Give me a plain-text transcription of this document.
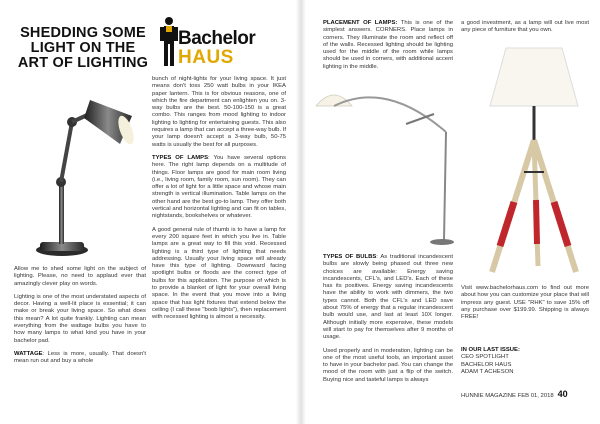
SHEDDING SOME
LIGHT ON THE
ART OF LIGHTING
Bachelor
HAUS

Allow me to shed some light on the subject of lighting. Please, no need to applaud ever that amazingly clever play on words.

Lighting is one of the most understated aspects of decor. Having a well-lit place is essential; it can make or break your living space. So what does this mean? A lot quite frankly. Lighting can mean everything from the wattage bulbs you have to how many lamps to what kind you have in your bachelor pad.

WATTAGE: Less is more, usually. That doesn't mean run out and buy a whole

bunch of night-lights for your living space. It just means don't toss 250 watt bulbs in your IKEA paper lantern. This is for obvious reasons, one of which the fire department can enlighten you on. 3-way bulbs are the best. 50-100-150 is a great combo. This ranges from mood lighting to indoor lighting to lighting for entertaining guests. This also requires a lamp that can accept a three-way bulb. If your lamp doesn't accept a 3-way bulb, 50-75 watts is usually the best for all purposes.

TYPES OF LAMPS: You have several options here. The right lamp depends on a multitude of things. Floor lamps are good for main room living (i.e., living room, family room, sun room). They can offer a lot of light for a little space and whose main strength is vertical illumination. Table lamps on the other hand are the best go-to lamp. They offer both vertical and horizontal lighting and can fit on tables, nightstands, bookshelves or whatever.

A good general rule of thumb is to have a lamp for every 200 square feet in which you live in. Table lamps are a great way to fill this void. Recessed lighting is a third type of lighting that needs addressing. Usually your living space will already have this type of lighting. Downward facing spotlight bulbs or floods are the correct type of bulbs for this application. The purpose of which is to provide a blanket of light for your overall living space. In the event that you move into a living space that has light fixtures that extend below the ceiling (I call these "boob lights"), then replacement with recessed lighting is almost a necessity.

PLACEMENT OF LAMPS: This is one of the simplest answers. CORNERS. Place lamps in corners. They illuminate the room and reflect off of the walls. Recessed lighting should be lighting used for the middle of the room while lamps should be used in corners, with additional accent lighting in the middle.

TYPES OF BULBS: As traditional incandescent bulbs are slowly being phased out three new choices are available: Energy saving incandescents, CFL's, and LED's. Each of these has its positives. Energy saving incandescents have the ability to work with dimmers, the two types cannot. Both the CFL's and LED save about 75% of energy that a regular incandescent bulb would use, and last at least 10X longer. Although initially more expensive, these models will start to pay for themselves after 9 months of usage.

Used properly and in moderation, lighting can be one of the most useful tools, an important asset to have in your bachelor pad. You can change the mood of the room with just a flip of the switch. Buying nice and tasteful lamps is always

a good investment, as a lamp will out live most any piece of furniture that you own.

Visit www.bachelorhaus.com to find out more about how you can customize your place that will impress any guest. USE "RHK" to save 15% off any purchase over $199.99. Shipping is always FREE!

IN OUR LAST ISSUE:
CEO SPOTLIGHT
BACHELOR HAUS
ADAM T ACHESON
HUNNIE MAGAZINE FEB 01, 2018 40
